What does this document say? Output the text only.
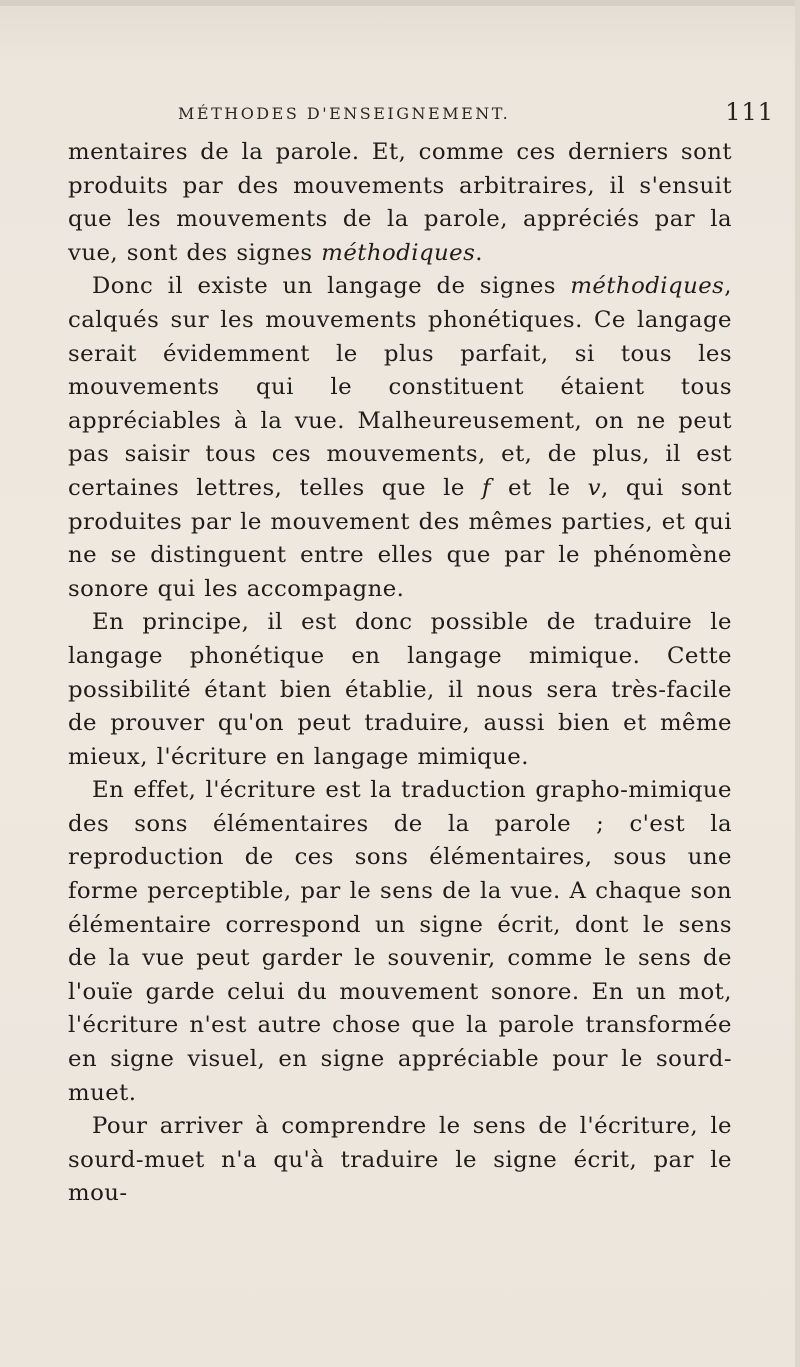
MÉTHODES D'ENSEIGNEMENT.	111

mentaires de la parole. Et, comme ces derniers sont produits par des mouvements arbitraires, il s'ensuit que les mouvements de la parole, appréciés par la vue, sont des signes méthodiques.

Donc il existe un langage de signes méthodiques, calqués sur les mouvements phonétiques. Ce langage serait évidemment le plus parfait, si tous les mouvements qui le constituent étaient tous appréciables à la vue. Malheureusement, on ne peut pas saisir tous ces mouvements, et, de plus, il est certaines lettres, telles que le f et le v, qui sont produites par le mouvement des mêmes parties, et qui ne se distinguent entre elles que par le phénomène sonore qui les accompagne.

En principe, il est donc possible de traduire le langage phonétique en langage mimique. Cette possibilité étant bien établie, il nous sera très-facile de prouver qu'on peut traduire, aussi bien et même mieux, l'écriture en langage mimique.

En effet, l'écriture est la traduction grapho-mimique des sons élémentaires de la parole ; c'est la reproduction de ces sons élémentaires, sous une forme perceptible, par le sens de la vue. A chaque son élémentaire correspond un signe écrit, dont le sens de la vue peut garder le souvenir, comme le sens de l'ouïe garde celui du mouvement sonore. En un mot, l'écriture n'est autre chose que la parole transformée en signe visuel, en signe appréciable pour le sourd-muet.

Pour arriver à comprendre le sens de l'écriture, le sourd-muet n'a qu'à traduire le signe écrit, par le mou-
